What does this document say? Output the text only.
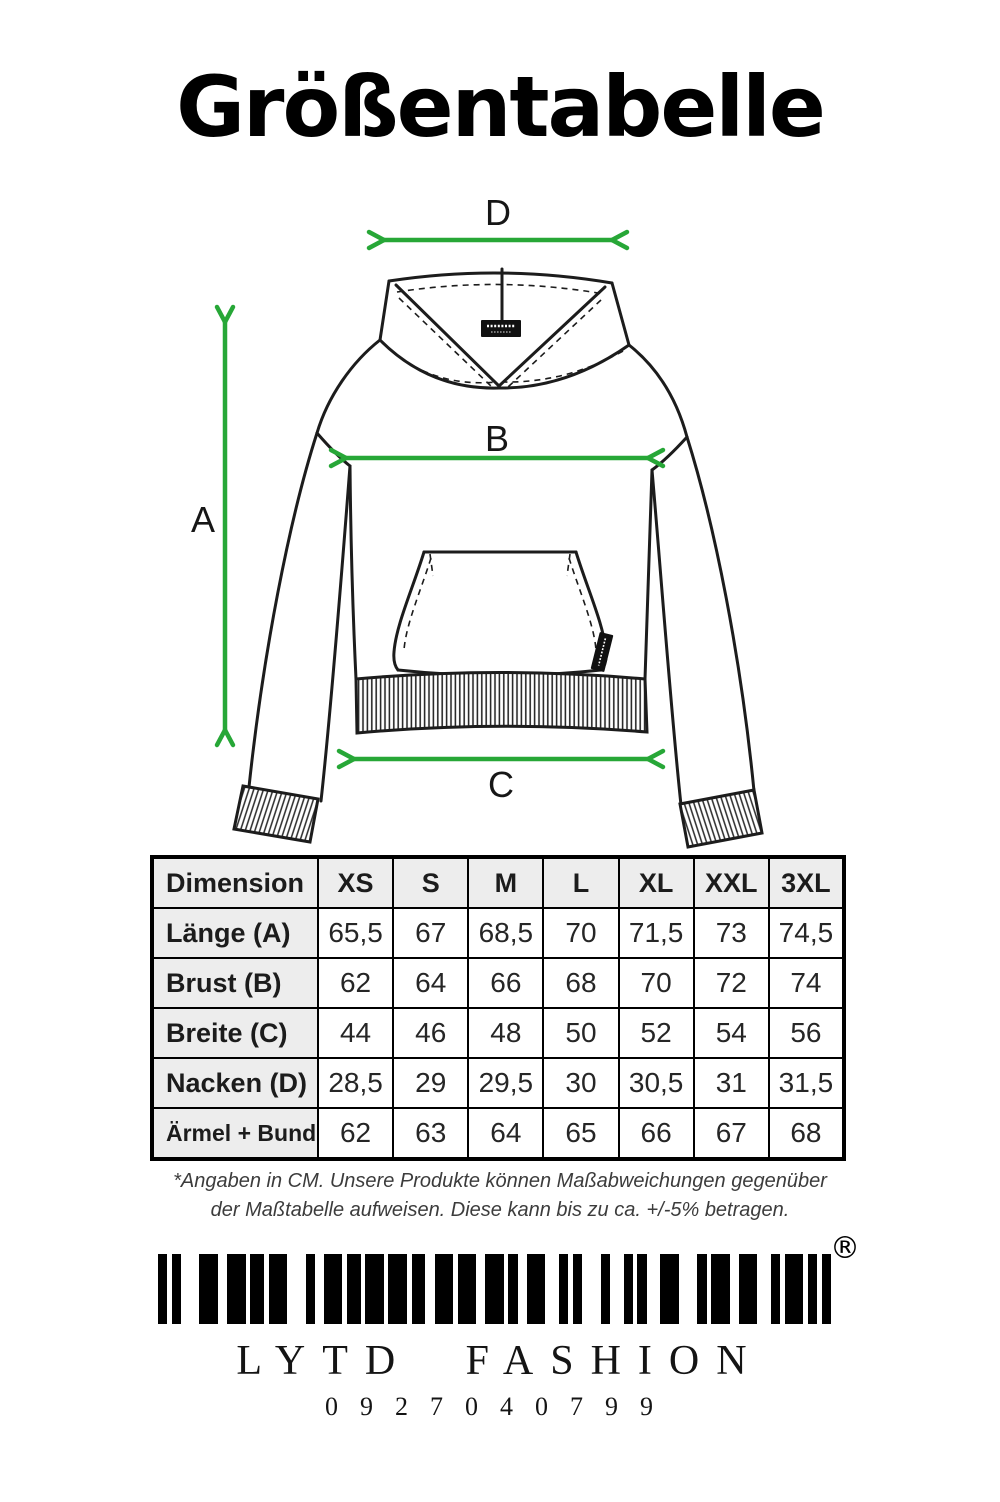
Größentabelle
D
B
C
A
Dimension	XS	S	M	L	XL	XXL	3XL
Länge (A)	65,5	67	68,5	70	71,5	73	74,5
Brust (B)	62	64	66	68	70	72	74
Breite (C)	44	46	48	50	52	54	56
Nacken (D)	28,5	29	29,5	30	30,5	31	31,5
Ärmel + Bund	62	63	64	65	66	67	68
*Angaben in CM. Unsere Produkte können Maßabweichungen gegenüber
der Maßtabelle aufweisen. Diese kann bis zu ca. +/-5% betragen.
®
LYTD FASHION
0927040799
